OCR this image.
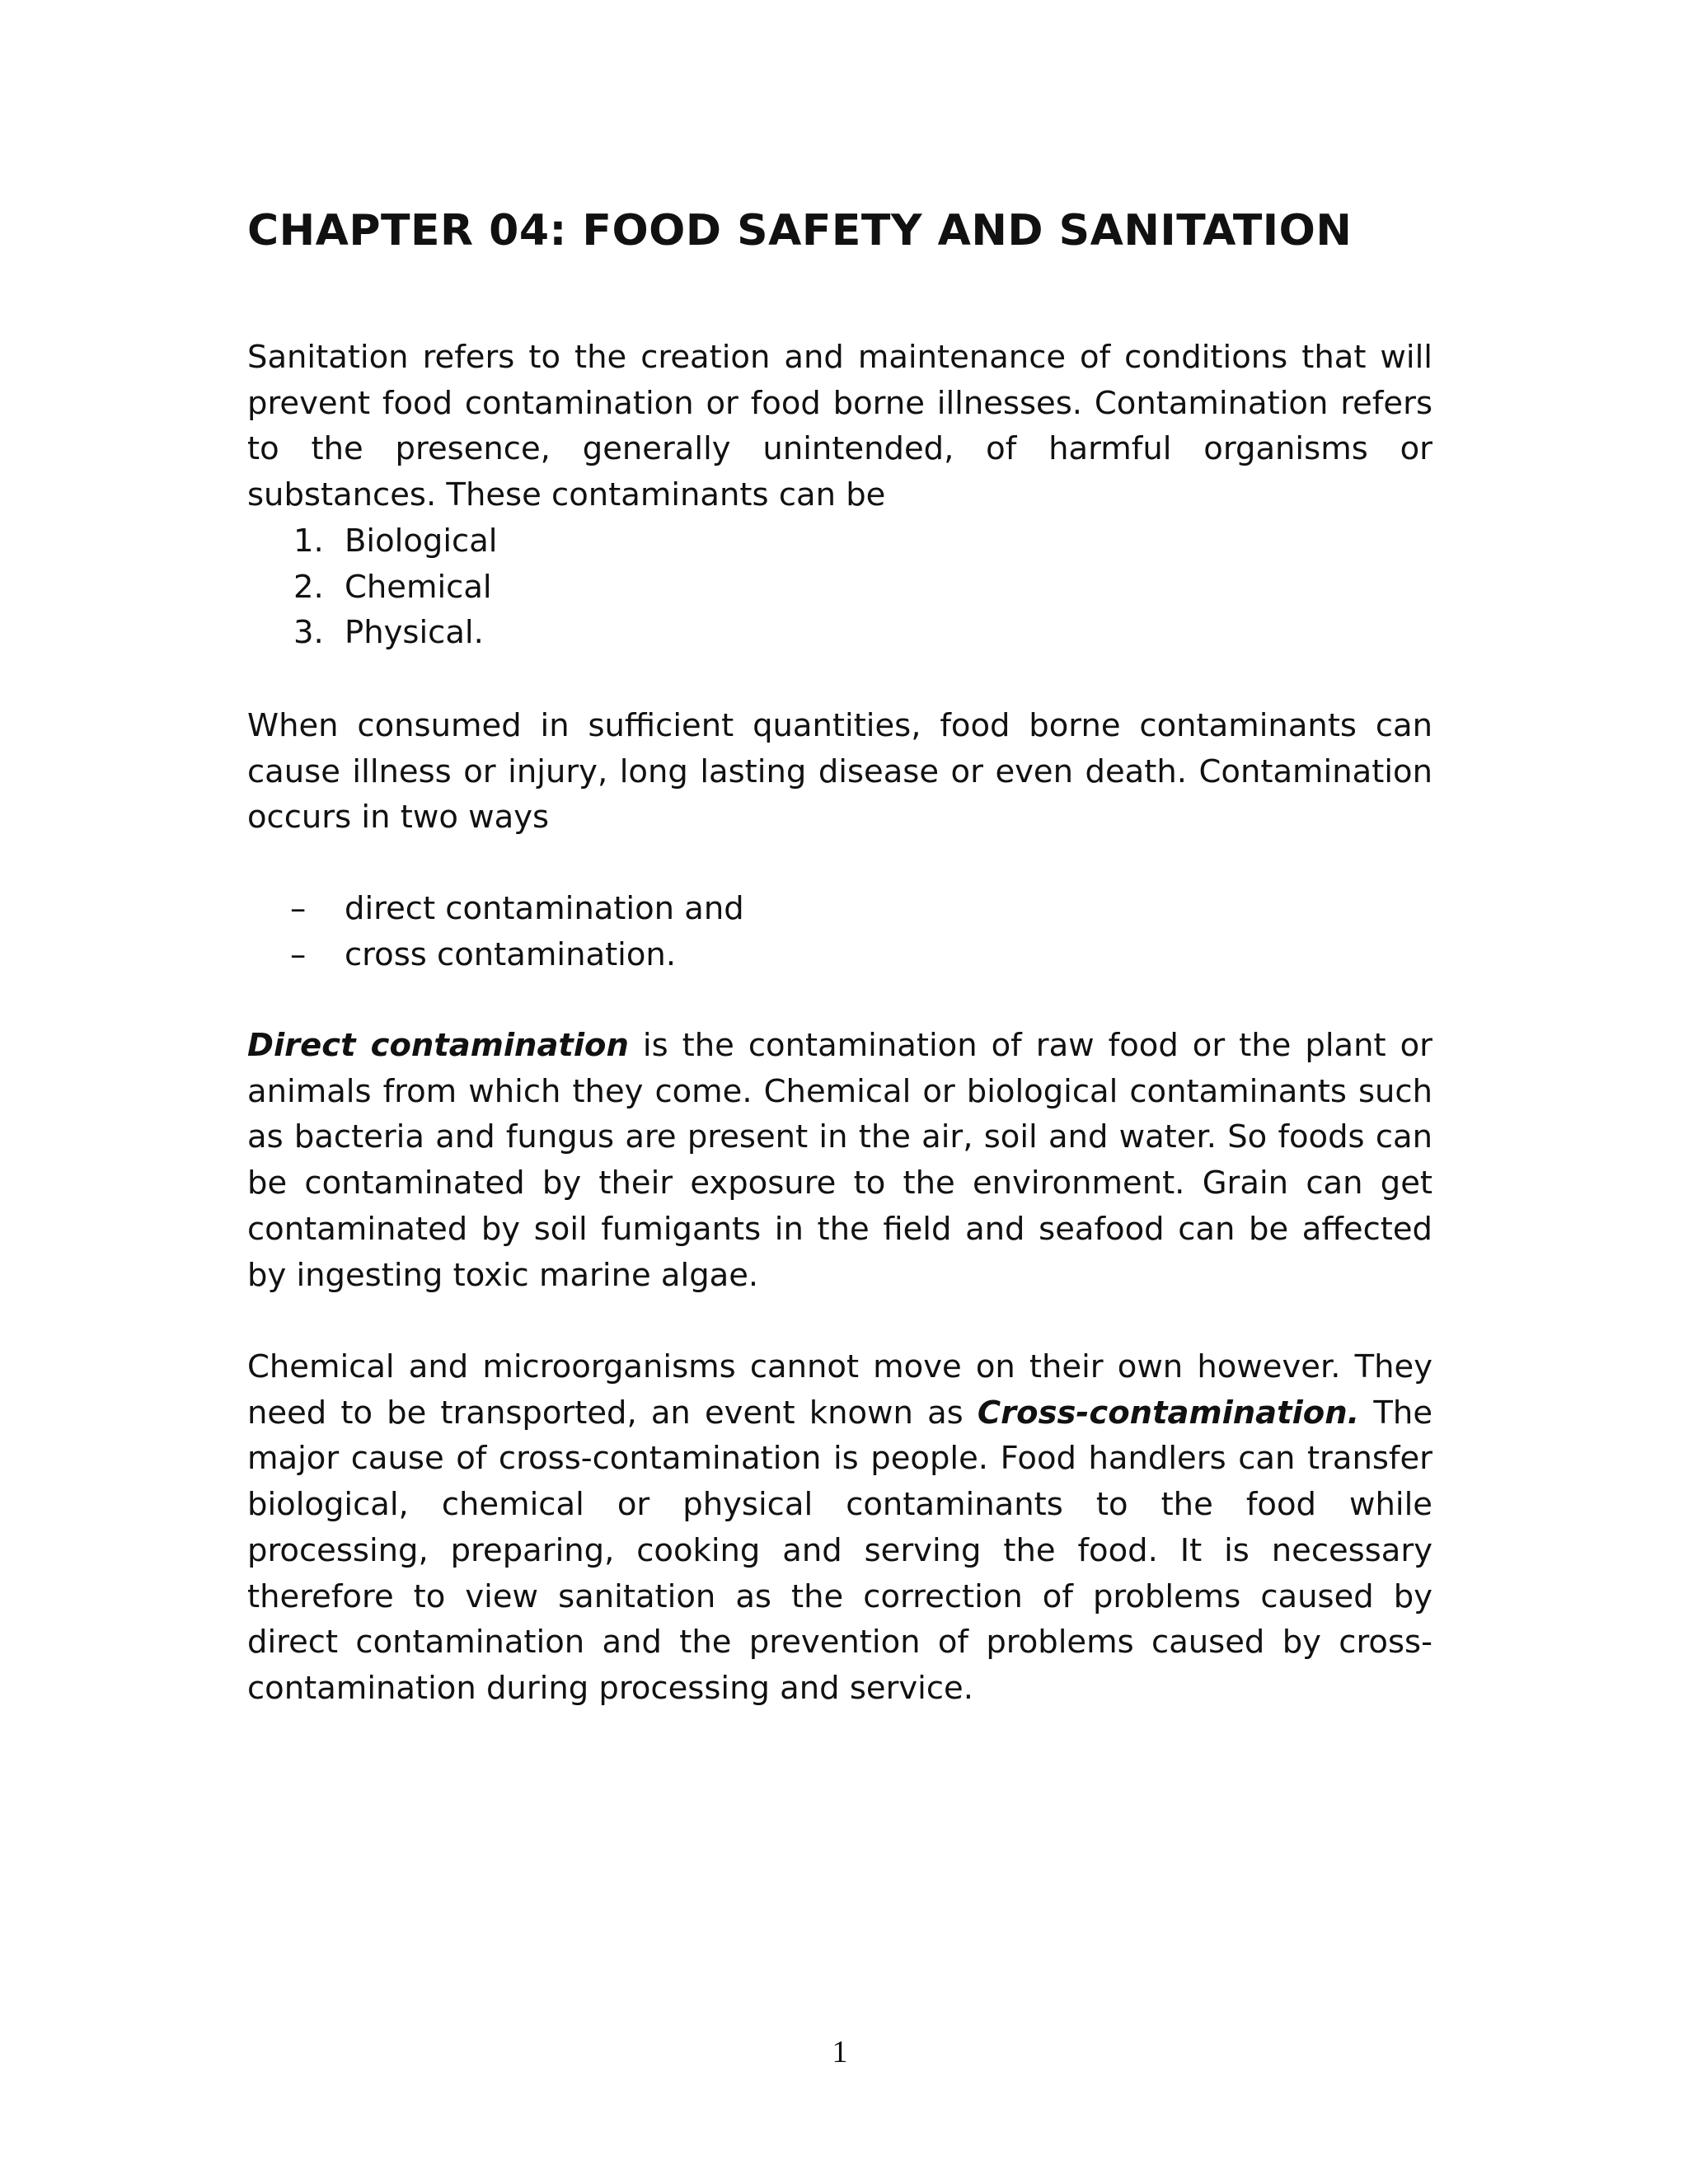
CHAPTER 04: FOOD SAFETY AND SANITATION

Sanitation refers to the creation and maintenance of conditions that will prevent food contamination or food borne illnesses. Contamination refers to the presence, generally unintended, of harmful organisms or substances. These contaminants can be

1. Biological
2. Chemical
3. Physical.

When consumed in sufficient quantities, food borne contaminants can cause illness or injury, long lasting disease or even death. Contamination occurs in two ways

– direct contamination and
– cross contamination.

Direct contamination is the contamination of raw food or the plant or animals from which they come. Chemical or biological contaminants such as bacteria and fungus are present in the air, soil and water. So foods can be contaminated by their exposure to the environment. Grain can get contaminated by soil fumigants in the field and seafood can be affected by ingesting toxic marine algae.

Chemical and microorganisms cannot move on their own however. They need to be transported, an event known as Cross-contamination. The major cause of cross-contamination is people. Food handlers can transfer biological, chemical or physical contaminants to the food while processing, preparing, cooking and serving the food. It is necessary therefore to view sanitation as the correction of problems caused by direct contamination and the prevention of problems caused by cross-contamination during processing and service.

1
